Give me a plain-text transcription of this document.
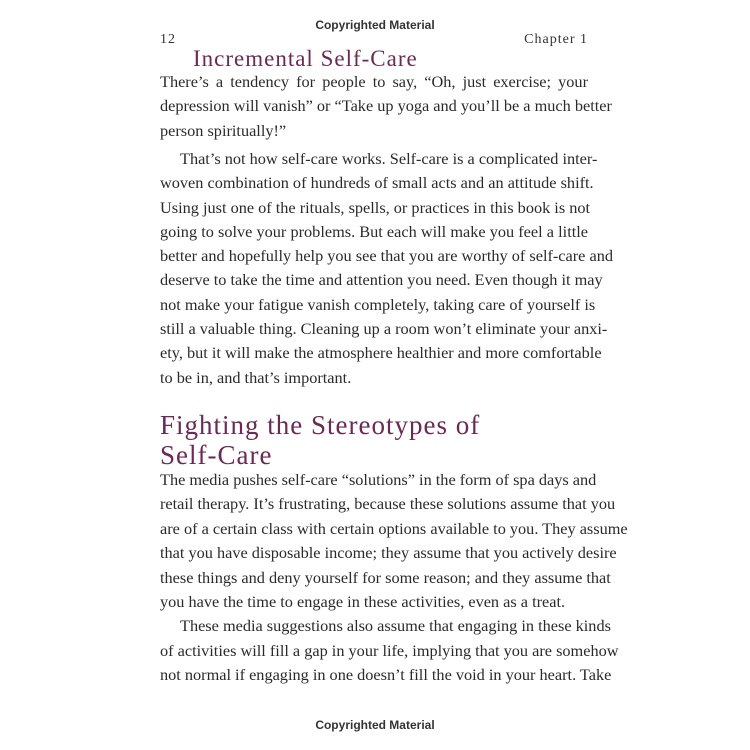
Copyrighted Material
12	Chapter 1
Incremental Self-Care
Fighting the Stereotypes of
Self-Care
Copyrighted Material
There’s a tendency for people to say, “Oh, just exercise; your
depression will vanish” or “Take up yoga and you’ll be a much better
person spiritually!”
That’s not how self-care works. Self-care is a complicated inter-
woven combination of hundreds of small acts and an attitude shift.
Using just one of the rituals, spells, or practices in this book is not
going to solve your problems. But each will make you feel a little
better and hopefully help you see that you are worthy of self-care and
deserve to take the time and attention you need. Even though it may
not make your fatigue vanish completely, taking care of yourself is
still a valuable thing. Cleaning up a room won’t eliminate your anxi-
ety, but it will make the atmosphere healthier and more comfortable
to be in, and that’s important.
The media pushes self-care “solutions” in the form of spa days and
retail therapy. It’s frustrating, because these solutions assume that you
are of a certain class with certain options available to you. They assume
that you have disposable income; they assume that you actively desire
these things and deny yourself for some reason; and they assume that
you have the time to engage in these activities, even as a treat.
These media suggestions also assume that engaging in these kinds
of activities will fill a gap in your life, implying that you are somehow
not normal if engaging in one doesn’t fill the void in your heart. Take
